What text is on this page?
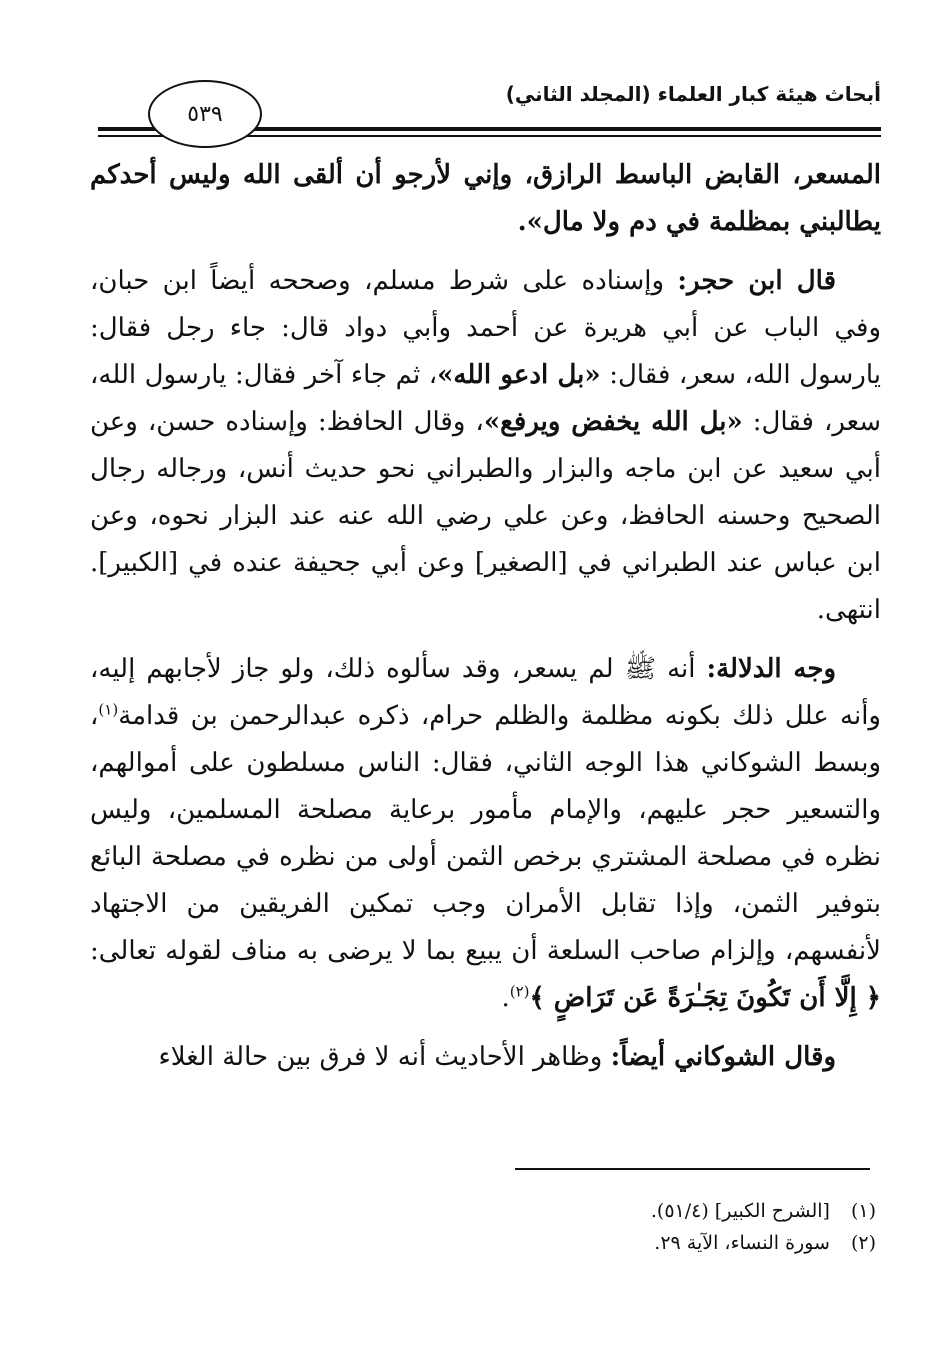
أبحاث هيئة كبار العلماء (المجلد الثاني)
٥٣٩

المسعر، القابض الباسط الرازق، وإني لأرجو أن ألقى الله وليس أحدكم يطالبني بمظلمة في دم ولا مال».

قال ابن حجر: وإسناده على شرط مسلم، وصححه أيضاً ابن حبان، وفي الباب عن أبي هريرة عن أحمد وأبي دواد قال: جاء رجل فقال: يارسول الله، سعر، فقال: «بل ادعو الله»، ثم جاء آخر فقال: يارسول الله، سعر، فقال: «بل الله يخفض ويرفع»، وقال الحافظ: وإسناده حسن، وعن أبي سعيد عن ابن ماجه والبزار والطبراني نحو حديث أنس، ورجاله رجال الصحيح وحسنه الحافظ، وعن علي رضي الله عنه عند البزار نحوه، وعن ابن عباس عند الطبراني في [الصغير] وعن أبي جحيفة عنده في [الكبير]. انتهى.

وجه الدلالة: أنه ﷺ لم يسعر، وقد سألوه ذلك، ولو جاز لأجابهم إليه، وأنه علل ذلك بكونه مظلمة والظلم حرام، ذكره عبدالرحمن بن قدامة$^{(١)}$، وبسط الشوكاني هذا الوجه الثاني، فقال: الناس مسلطون على أموالهم، والتسعير حجر عليهم، والإمام مأمور برعاية مصلحة المسلمين، وليس نظره في مصلحة المشتري برخص الثمن أولى من نظره في مصلحة البائع بتوفير الثمن، وإذا تقابل الأمران وجب تمكين الفريقين من الاجتهاد لأنفسهم، وإلزام صاحب السلعة أن يبيع بما لا يرضى به مناف لقوله تعالى: ﴿ إِلَّا أَن تَكُونَ تِجَـٰرَةً عَن تَرَاضٍ ﴾$^{(٢)}$.

وقال الشوكاني أيضاً: وظاهر الأحاديث أنه لا فرق بين حالة الغلاء

(١) [الشرح الكبير] (٥١/٤).
(٢) سورة النساء، الآية ٢٩.
